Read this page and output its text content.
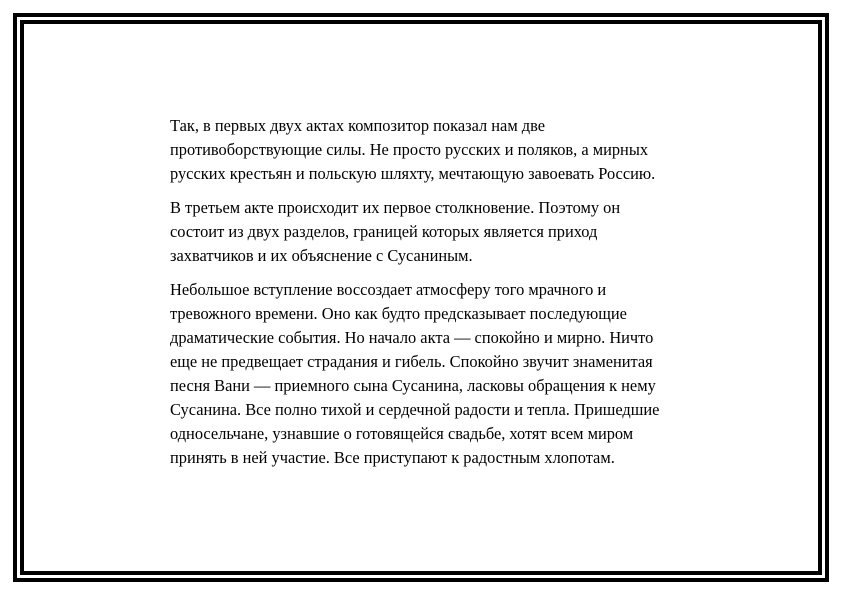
Так, в первых двух актах композитор показал нам две
противоборствующие силы. Не просто русских и поляков, а мирных
русских крестьян и польскую шляхту, мечтающую завоевать Россию.

В третьем акте происходит их первое столкновение. Поэтому он
состоит из двух разделов, границей которых является приход
захватчиков и их объяснение с Сусаниным.

Небольшое вступление воссоздает атмосферу того мрачного и
тревожного времени. Оно как будто предсказывает последующие
драматические события. Но начало акта — спокойно и мирно. Ничто
еще не предвещает страдания и гибель. Спокойно звучит знаменитая
песня Вани — приемного сына Сусанина, ласковы обращения к нему
Сусанина. Все полно тихой и сердечной радости и тепла. Пришедшие
односельчане, узнавшие о готовящейся свадьбе, хотят всем миром
принять в ней участие. Все приступают к радостным хлопотам.
